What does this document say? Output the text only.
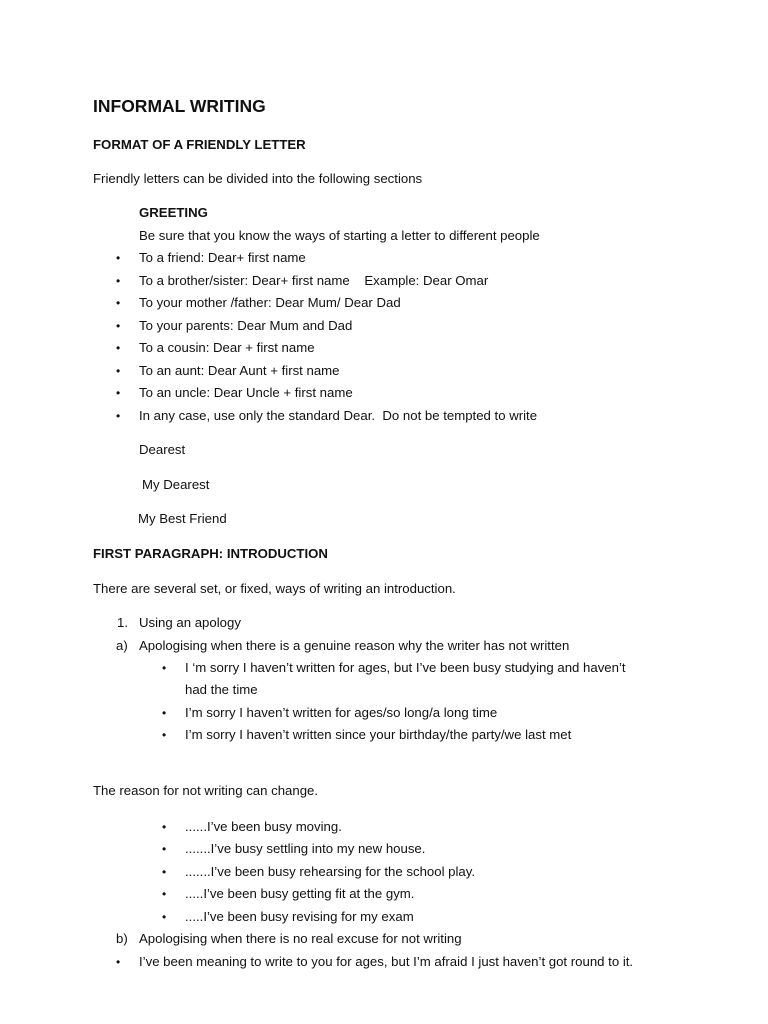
INFORMAL WRITING
FORMAT OF A FRIENDLY LETTER
Friendly letters can be divided into the following sections
GREETING
Be sure that you know the ways of starting a letter to different people
• To a friend: Dear+ first name
• To a brother/sister: Dear+ first name    Example: Dear Omar
• To your mother /father: Dear Mum/ Dear Dad
• To your parents: Dear Mum and Dad
• To a cousin: Dear + first name
• To an aunt: Dear Aunt + first name
• To an uncle: Dear Uncle + first name
• In any case, use only the standard Dear.  Do not be tempted to write
Dearest
My Dearest
My Best Friend
FIRST PARAGRAPH: INTRODUCTION
There are several set, or fixed, ways of writing an introduction.
1. Using an apology
a) Apologising when there is a genuine reason why the writer has not written
• I ‘m sorry I haven’t written for ages, but I’ve been busy studying and haven’t
had the time
• I’m sorry I haven’t written for ages/so long/a long time
• I’m sorry I haven’t written since your birthday/the party/we last met
The reason for not writing can change.
• ......I’ve been busy moving.
• .......I’ve busy settling into my new house.
• .......I’ve been busy rehearsing for the school play.
• .....I’ve been busy getting fit at the gym.
• .....I’ve been busy revising for my exam
b) Apologising when there is no real excuse for not writing
• I’ve been meaning to write to you for ages, but I’m afraid I just haven’t got round to it.
